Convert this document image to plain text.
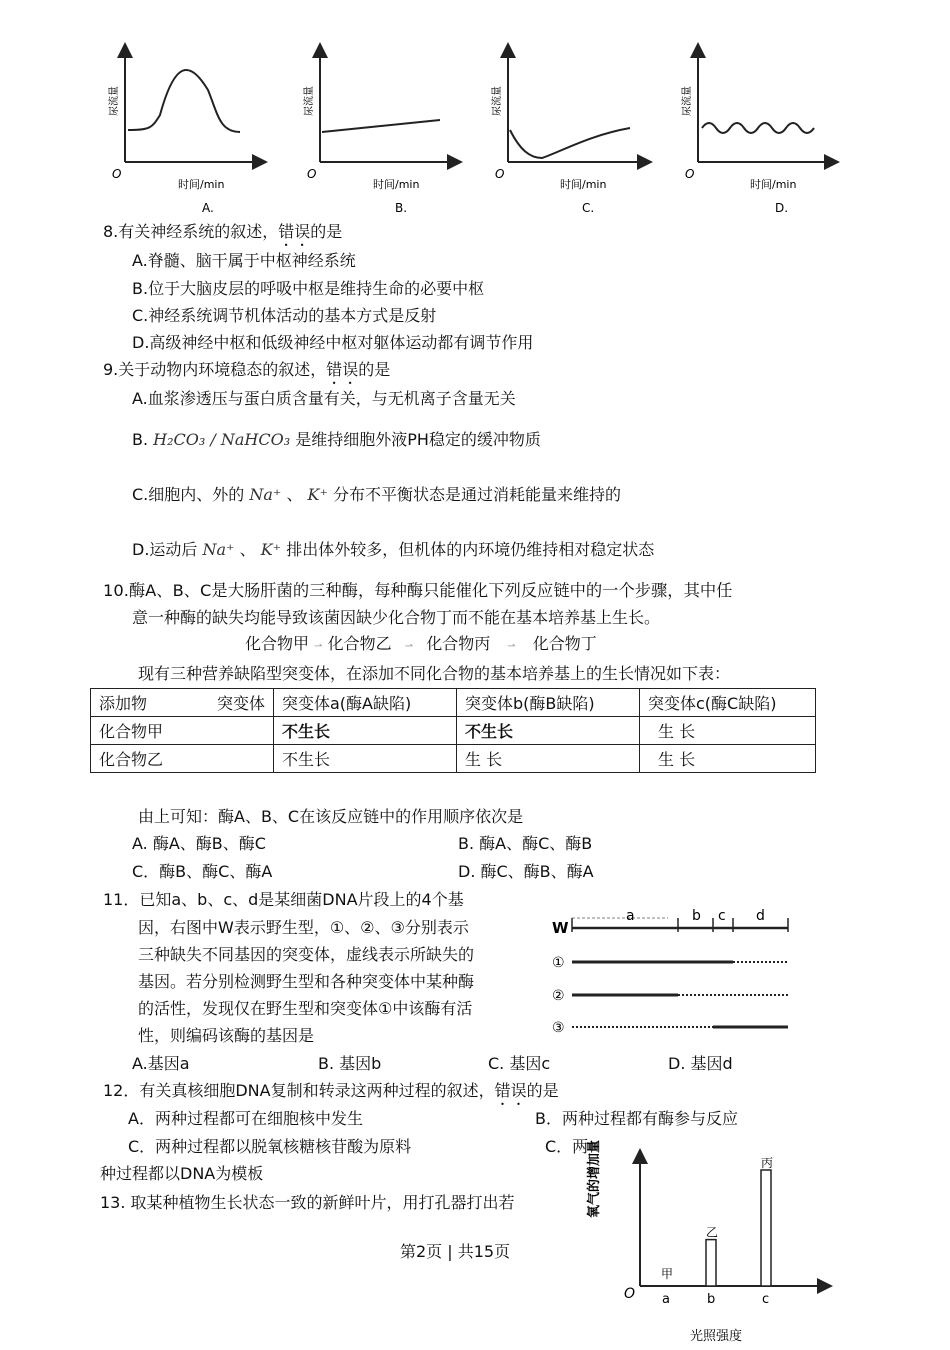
尿流量
O
时间/min
A.
尿流量
O
时间/min
B.
尿流量
O
时间/min
C.
尿流量
O
时间/min
D.
8.有关神经系统的叙述，错误的是
A.脊髓、脑干属于中枢神经系统
B.位于大脑皮层的呼吸中枢是维持生命的必要中枢
C.神经系统调节机体活动的基本方式是反射
D.高级神经中枢和低级神经中枢对躯体运动都有调节作用
9.关于动物内环境稳态的叙述，错误的是
A.血浆渗透压与蛋白质含量有关，与无机离子含量无关
B. H₂CO₃ / NaHCO₃ 是维持细胞外液PH稳定的缓冲物质
C.细胞内、外的 Na⁺ 、 K⁺ 分布不平衡状态是通过消耗能量来维持的
D.运动后 Na⁺ 、 K⁺ 排出体外较多，但机体的内环境仍维持相对稳定状态
10.酶A、B、C是大肠肝菌的三种酶，每种酶只能催化下列反应链中的一个步骤，其中任
意一种酶的缺失均能导致该菌因缺少化合物丁而不能在基本培养基上生长。
化合物甲 ⇀ 化合物乙 ⇀ 化合物丙 ⇀ 化合物丁
现有三种营养缺陷型突变体，在添加不同化合物的基本培养基上的生长情况如下表：
添加物 突变体	突变体a(酶A缺陷)	突变体b(酶B缺陷)	突变体c(酶C缺陷)
化合物甲	不生长	不生长	生 长
化合物乙	不生长	生 长	生 长
由上可知：酶A、B、C在该反应链中的作用顺序依次是
A. 酶A、酶B、酶C	B. 酶A、酶C、酶B
C．酶B、酶C、酶A	D. 酶C、酶B、酶A
11．已知a、b、c、d是某细菌DNA片段上的4个基
因，右图中W表示野生型，①、②、③分别表示
三种缺失不同基因的突变体，虚线表示所缺失的
基因。若分别检测野生型和各种突变体中某种酶
的活性，发现仅在野生型和突变体①中该酶有活
性，则编码该酶的基因是
W
a	b c d
①
②
③
A.基因a	B. 基因b	C. 基因c	D. 基因d
12．有关真核细胞DNA复制和转录这两种过程的叙述，错误的是
A．两种过程都可在细胞核中发生	B．两种过程都有酶参与反应
C．两种过程都以脱氧核糖核苷酸为原料	C．两
种过程都以DNA为模板
13. 取某种植物生长状态一致的新鲜叶片，用打孔器打出若
第2页 | 共15页
氧气的增加量
O
光照强度
甲
a
乙
b
丙
c
